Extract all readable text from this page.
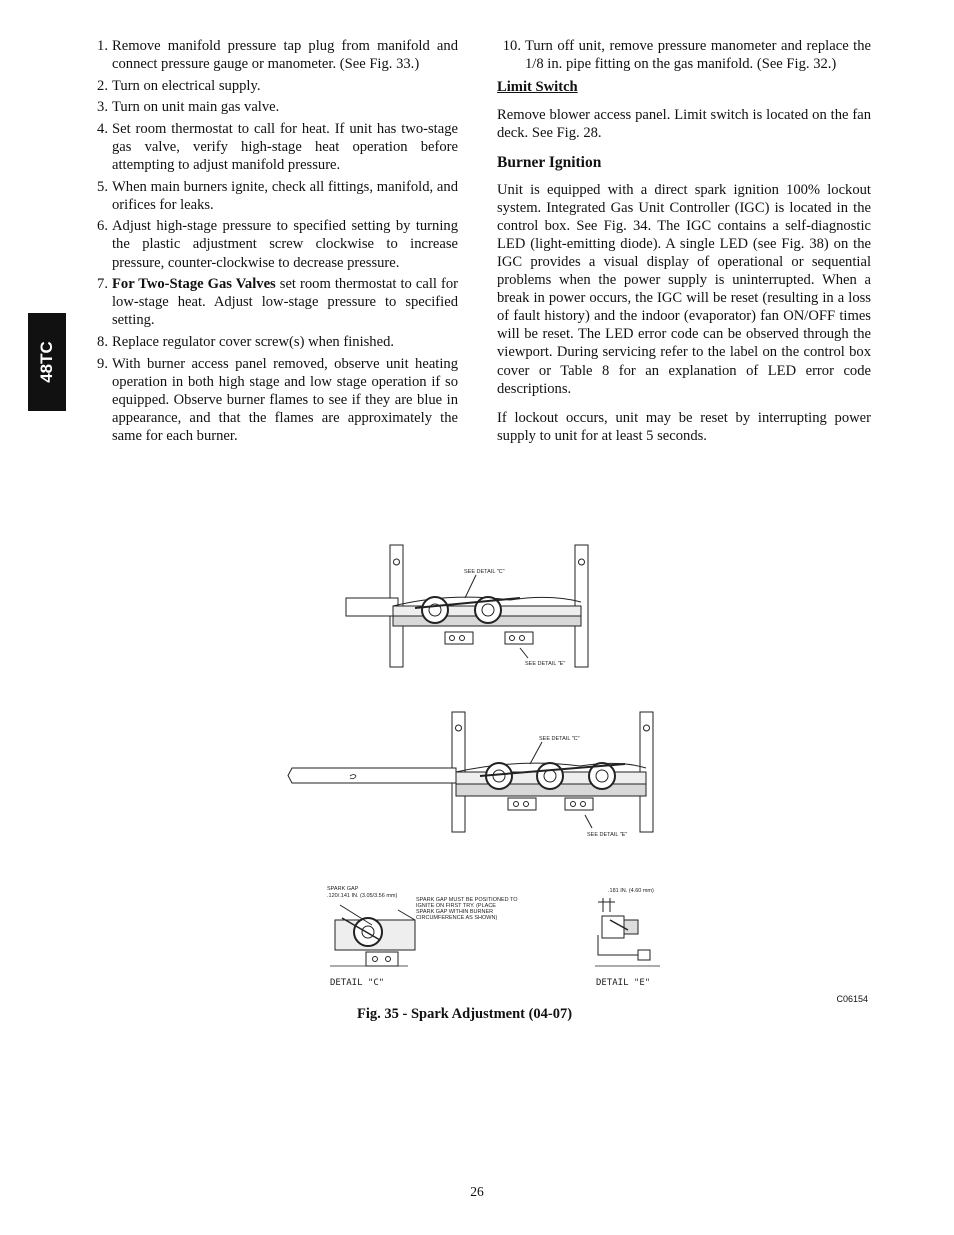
48TC
1. Remove manifold pressure tap plug from manifold and connect pressure gauge or manometer. (See Fig. 33.)
2. Turn on electrical supply.
3. Turn on unit main gas valve.
4. Set room thermostat to call for heat. If unit has two-stage gas valve, verify high-stage heat operation before attempting to adjust manifold pressure.
5. When main burners ignite, check all fittings, manifold, and orifices for leaks.
6. Adjust high-stage pressure to specified setting by turning the plastic adjustment screw clockwise to increase pressure, counter-clockwise to decrease pressure.
7. For Two-Stage Gas Valves set room thermostat to call for low-stage heat. Adjust low-stage pressure to specified setting.
8. Replace regulator cover screw(s) when finished.
9. With burner access panel removed, observe unit heating operation in both high stage and low stage operation if so equipped. Observe burner flames to see if they are blue in appearance, and that the flames are approximately the same for each burner.
10. Turn off unit, remove pressure manometer and replace the 1/8 in. pipe fitting on the gas manifold. (See Fig. 32.)
Limit Switch

Remove blower access panel. Limit switch is located on the fan deck. See Fig. 28.

Burner Ignition

Unit is equipped with a direct spark ignition 100% lockout system. Integrated Gas Unit Controller (IGC) is located in the control box. See Fig. 34. The IGC contains a self-diagnostic LED (light-emitting diode). A single LED (see Fig. 38) on the IGC provides a visual display of operational or sequential problems when the power supply is uninterrupted. When a break in power occurs, the IGC will be reset (resulting in a loss of fault history) and the indoor (evaporator) fan ON/OFF times will be reset. The LED error code can be observed through the viewport. During servicing refer to the label on the control box cover or Table 8 for an explanation of LED error code descriptions.

If lockout occurs, unit may be reset by interrupting power supply to unit for at least 5 seconds.

SEE DETAIL "C"
SEE DETAIL "E"
SEE DETAIL "C"
SEE DETAIL "E"
SPARK GAP
.120/.141 IN. (3.05/3.56 mm)
SPARK GAP MUST BE POSITIONED TO
IGNITE ON FIRST TRY. (PLACE
SPARK GAP WITHIN BURNER
CIRCUMFERENCE AS SHOWN)
DETAIL "C"
.181 IN. (4.60 mm)
DETAIL "E"
C06154
Fig. 35 - Spark Adjustment (04-07)
26
